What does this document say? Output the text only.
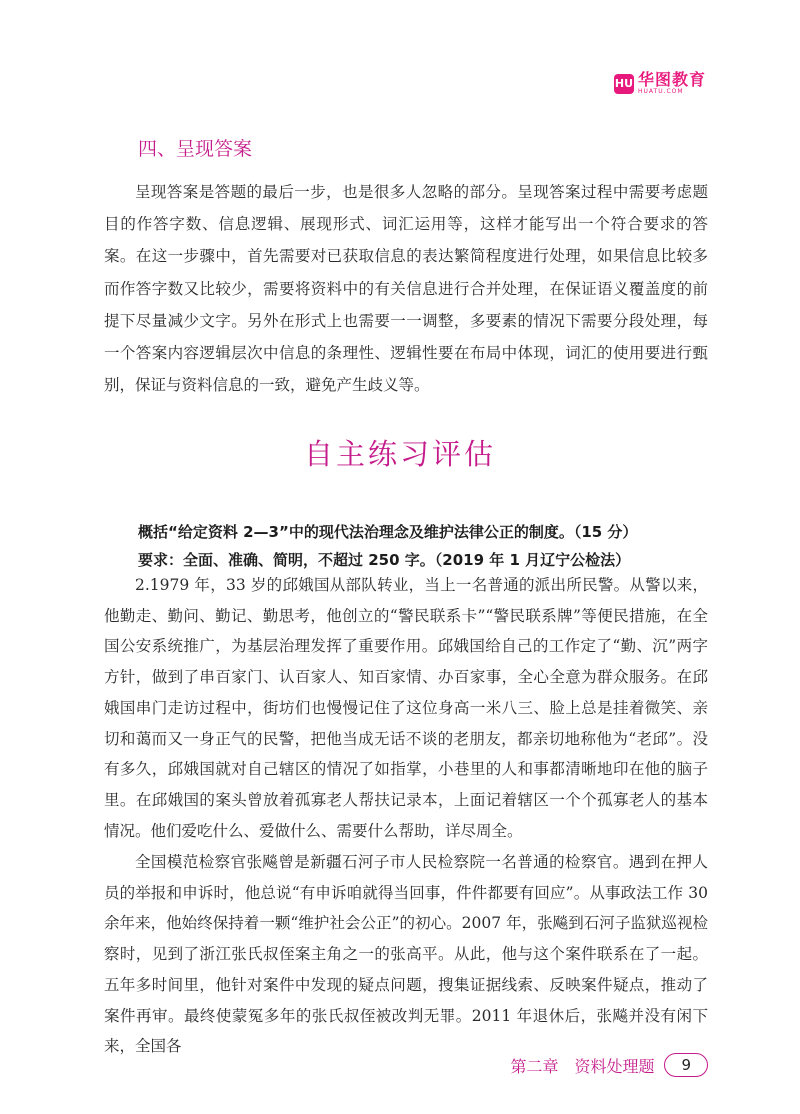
HU 华图教育
HUATU.COM
四、呈现答案

呈现答案是答题的最后一步，也是很多人忽略的部分。呈现答案过程中需要考虑题目的作答字数、信息逻辑、展现形式、词汇运用等，这样才能写出一个符合要求的答案。在这一步骤中，首先需要对已获取信息的表达繁简程度进行处理，如果信息比较多而作答字数又比较少，需要将资料中的有关信息进行合并处理，在保证语义覆盖度的前提下尽量减少文字。另外在形式上也需要一一调整，多要素的情况下需要分段处理，每一个答案内容逻辑层次中信息的条理性、逻辑性要在布局中体现，词汇的使用要进行甄别，保证与资料信息的一致，避免产生歧义等。

自主练习评估

概括“给定资料 2—3”中的现代法治理念及维护法律公正的制度。（15 分）

要求：全面、准确、简明，不超过 250 字。（2019 年 1 月辽宁公检法）

2.1979 年，33 岁的邱娥国从部队转业，当上一名普通的派出所民警。从警以来，他勤走、勤问、勤记、勤思考，他创立的“警民联系卡”“警民联系牌”等便民措施，在全国公安系统推广，为基层治理发挥了重要作用。邱娥国给自己的工作定了“勤、沉”两字方针，做到了串百家门、认百家人、知百家情、办百家事，全心全意为群众服务。在邱娥国串门走访过程中，街坊们也慢慢记住了这位身高一米八三、脸上总是挂着微笑、亲切和蔼而又一身正气的民警，把他当成无话不谈的老朋友，都亲切地称他为“老邱”。没有多久，邱娥国就对自己辖区的情况了如指掌，小巷里的人和事都清晰地印在他的脑子里。在邱娥国的案头曾放着孤寡老人帮扶记录本，上面记着辖区一个个孤寡老人的基本情况。他们爱吃什么、爱做什么、需要什么帮助，详尽周全。

全国模范检察官张飚曾是新疆石河子市人民检察院一名普通的检察官。遇到在押人员的举报和申诉时，他总说“有申诉咱就得当回事，件件都要有回应”。从事政法工作 30 余年来，他始终保持着一颗“维护社会公正”的初心。2007 年，张飚到石河子监狱巡视检察时，见到了浙江张氏叔侄案主角之一的张高平。从此，他与这个案件联系在了一起。五年多时间里，他针对案件中发现的疑点问题，搜集证据线索、反映案件疑点，推动了案件再审。最终使蒙冤多年的张氏叔侄被改判无罪。2011 年退休后，张飚并没有闲下来，全国各

第二章　资料处理题	9
